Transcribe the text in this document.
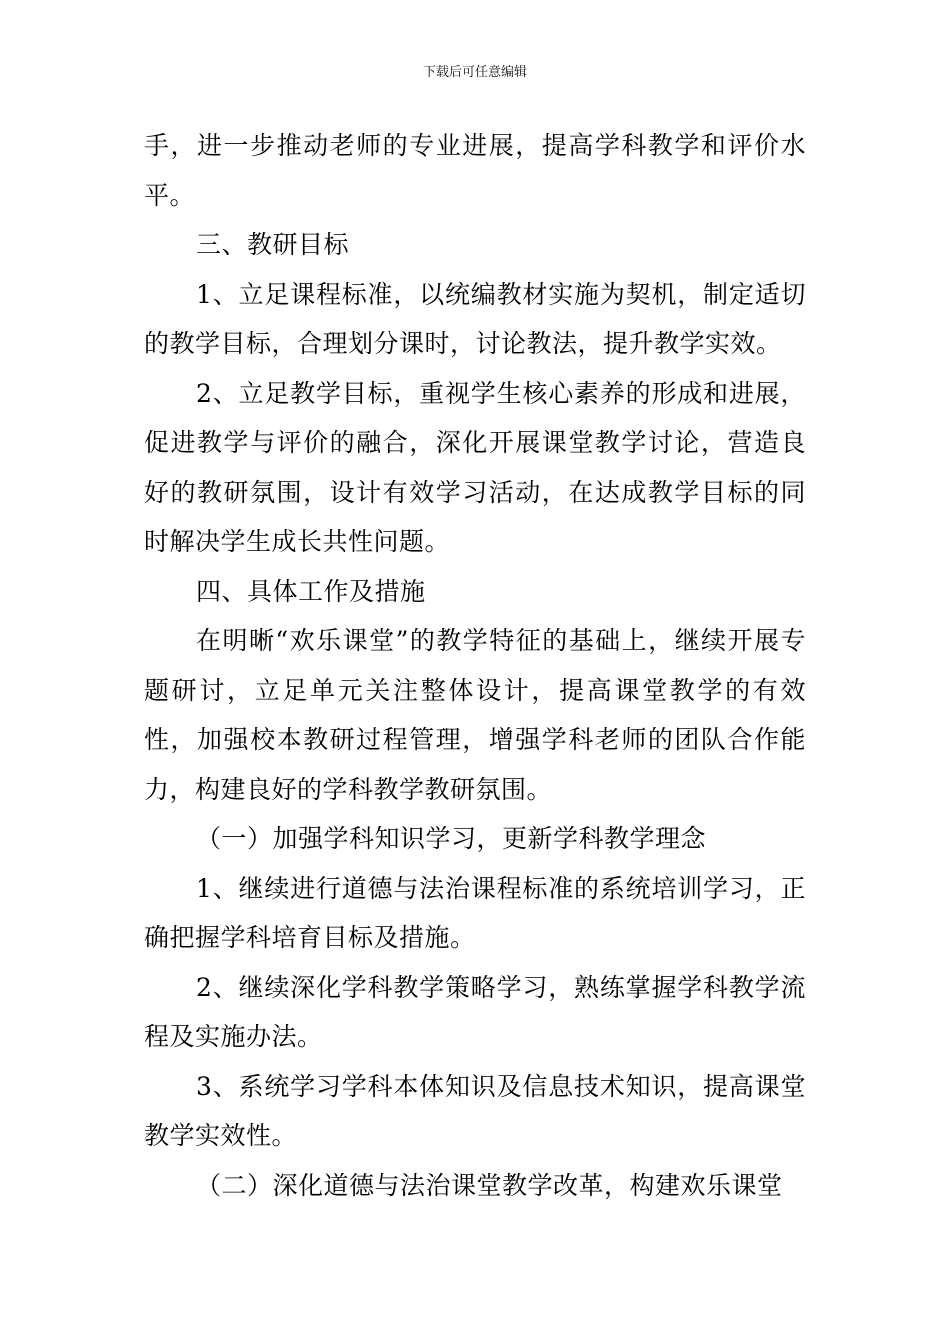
下载后可任意编辑

手，进一步推动老师的专业进展，提高学科教学和评价水平。

三、教研目标

1、立足课程标准，以统编教材实施为契机，制定适切的教学目标，合理划分课时，讨论教法，提升教学实效。

2、立足教学目标，重视学生核心素养的形成和进展，促进教学与评价的融合，深化开展课堂教学讨论，营造良好的教研氛围，设计有效学习活动，在达成教学目标的同时解决学生成长共性问题。

四、具体工作及措施

在明晰“欢乐课堂”的教学特征的基础上，继续开展专题研讨，立足单元关注整体设计，提高课堂教学的有效性，加强校本教研过程管理，增强学科老师的团队合作能力，构建良好的学科教学教研氛围。

（一）加强学科知识学习，更新学科教学理念

1、继续进行道德与法治课程标准的系统培训学习，正确把握学科培育目标及措施。

2、继续深化学科教学策略学习，熟练掌握学科教学流程及实施办法。

3、系统学习学科本体知识及信息技术知识，提高课堂教学实效性。

（二）深化道德与法治课堂教学改革，构建欢乐课堂
